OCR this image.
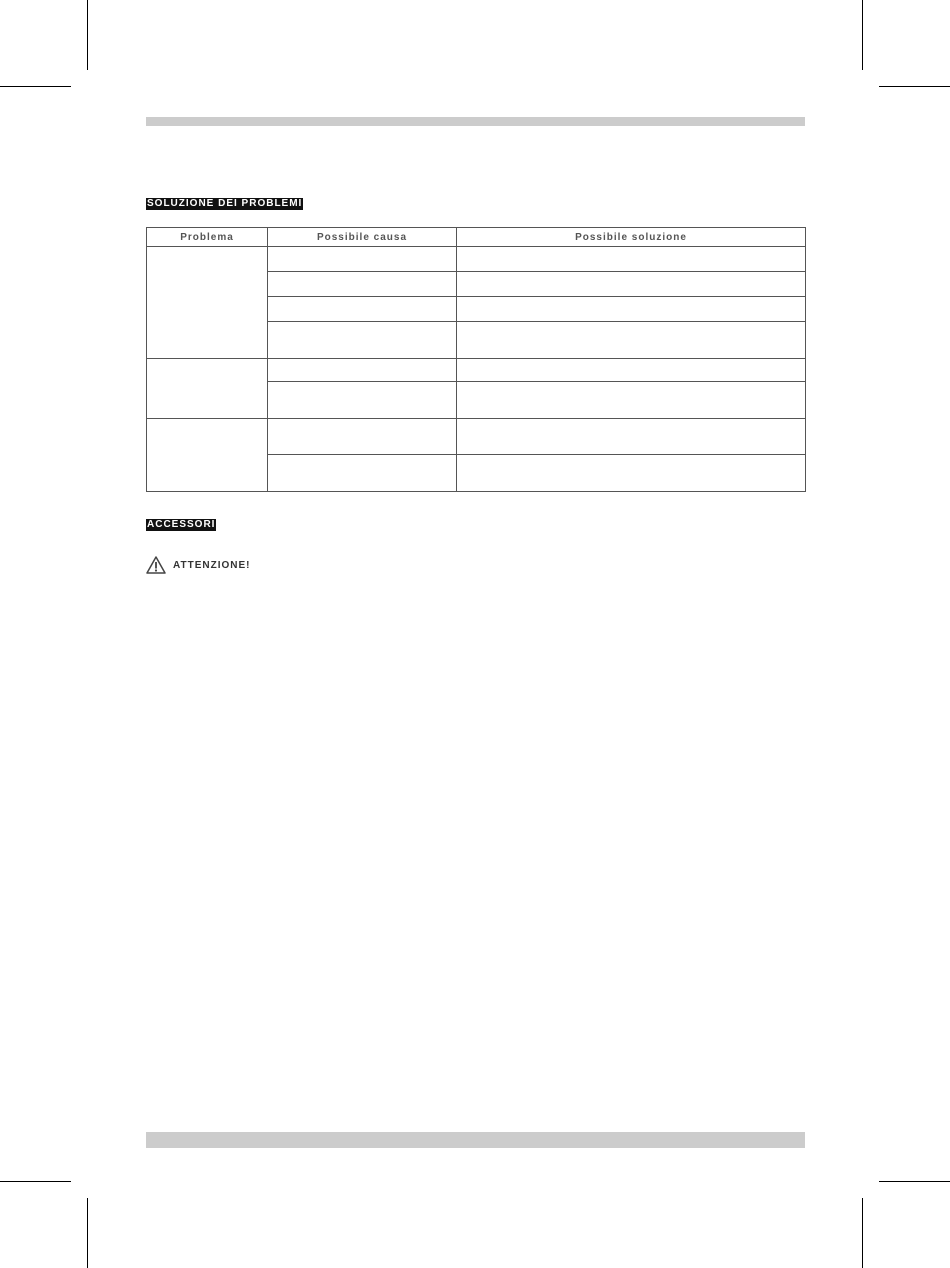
SOLUZIONE DEI PROBLEMI
Problema	Possibile causa	Possibile soluzione

ACCESSORI
ATTENZIONE!
